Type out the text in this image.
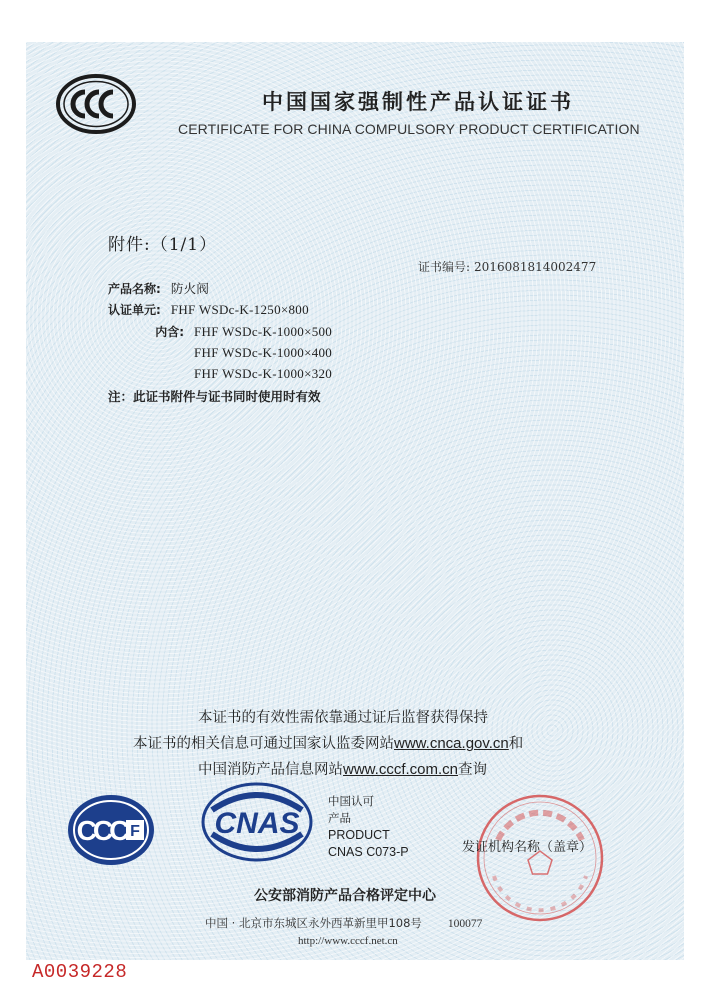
中国国家强制性产品认证证书
CERTIFICATE FOR CHINA COMPULSORY PRODUCT CERTIFICATION
附件:（1/1）
证书编号: 2016081814002477
产品名称: 防火阀
认证单元: FHF WSDc-K-1250×800
内含: FHF WSDc-K-1000×500
FHF WSDc-K-1000×400
FHF WSDc-K-1000×320
注：此证书附件与证书同时使用时有效
本证书的有效性需依靠通过证后监督获得保持
本证书的相关信息可通过国家认监委网站www.cnca.gov.cn和
中国消防产品信息网站www.cccf.com.cn查询
CCC F CNAS
中国认可
产品
PRODUCT
CNAS C073-P	发证机构名称（盖章）
公安部消防产品合格评定中心
中国 · 北京市东城区永外西革新里甲108号 100077
http://www.cccf.net.cn
A0039228
